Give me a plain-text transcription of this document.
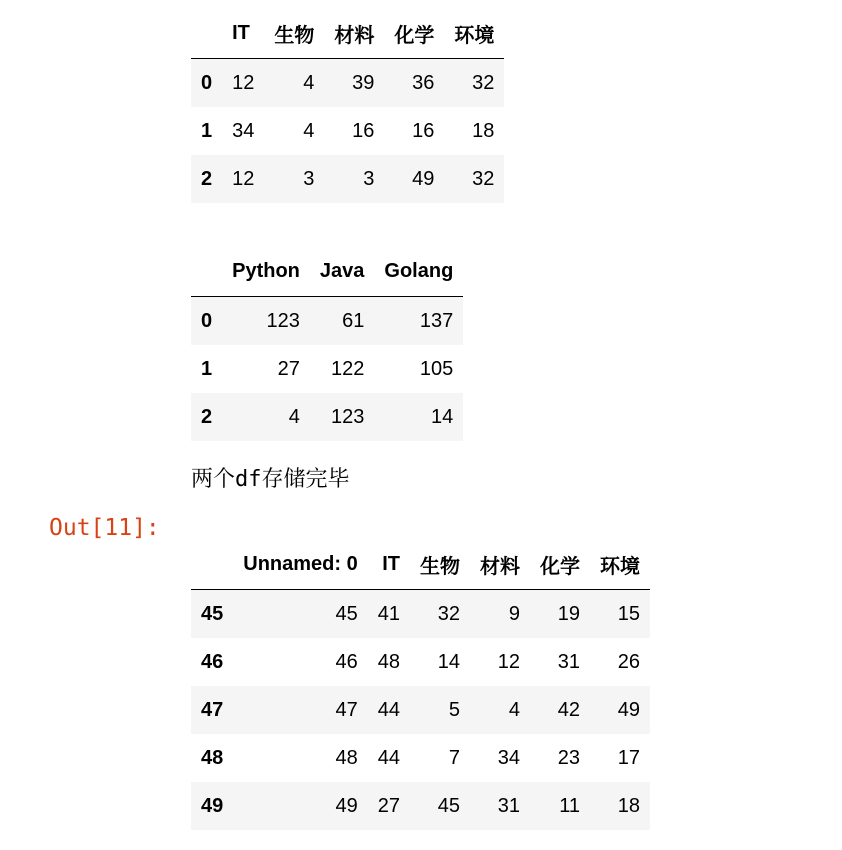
	IT	生物	材料	化学	环境
0	12	4	39	36	32
1	34	4	16	16	18
2	12	3	3	49	32
	Python	Java	Golang
0	123	61	137
1	27	122	105
2	4	123	14
两个df存储完毕
Out[11]:
	Unnamed: 0	IT	生物	材料	化学	环境
45	45	41	32	9	19	15
46	46	48	14	12	31	26
47	47	44	5	4	42	49
48	48	44	7	34	23	17
49	49	27	45	31	11	18
